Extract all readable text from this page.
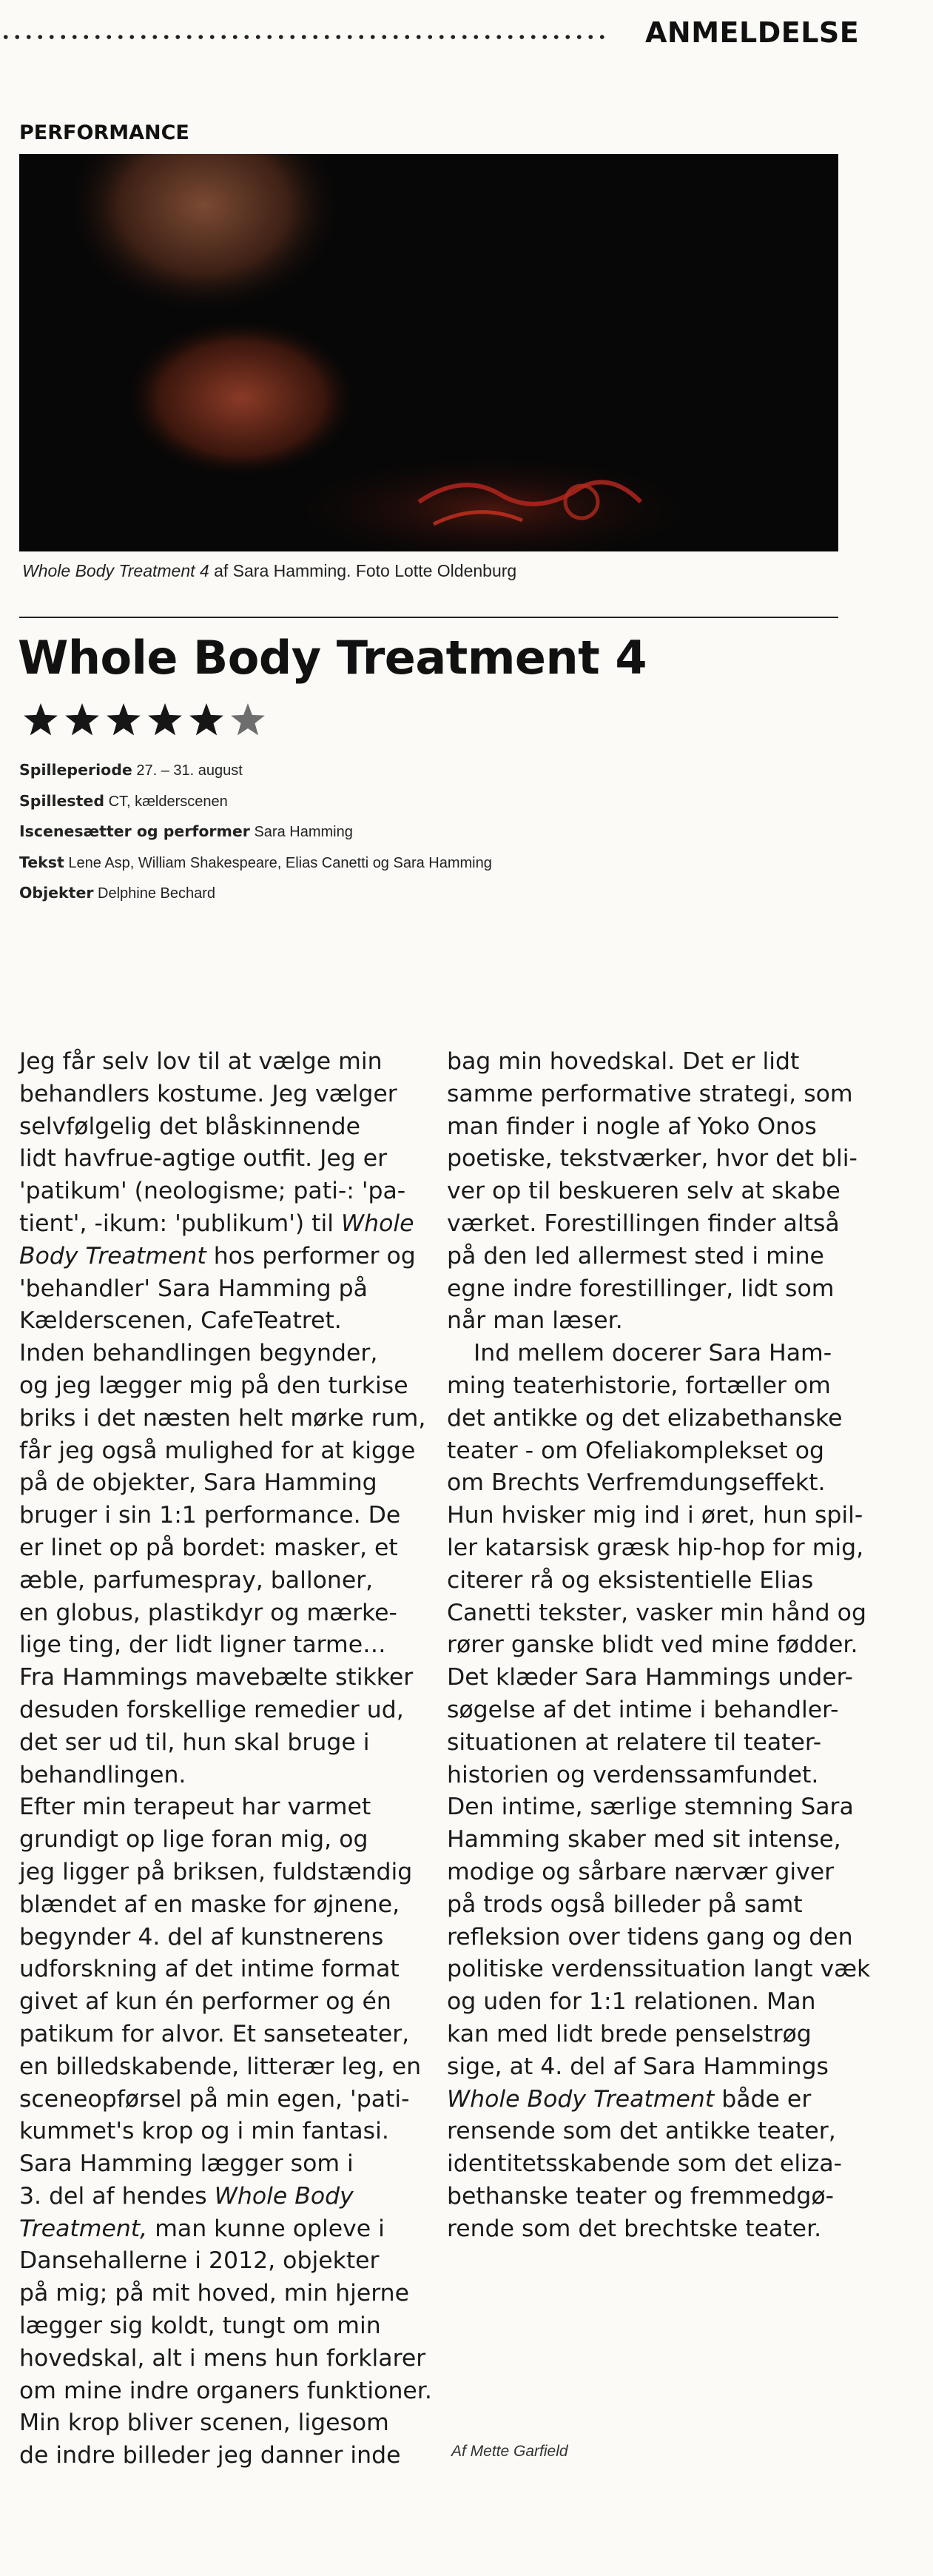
ANMELDELSE
PERFORMANCE
Whole Body Treatment 4 af Sara Hamming. Foto Lotte Oldenburg
Whole Body Treatment 4
Spilleperiode 27. – 31. august
Spillested CT, kælderscenen
Iscenesætter og performer Sara Hamming
Tekst Lene Asp, William Shakespeare, Elias Canetti og Sara Hamming
Objekter Delphine Bechard
Jeg får selv lov til at vælge min
behandlers kostume. Jeg vælger
selvfølgelig det blåskinnende
lidt havfrue-agtige outfit. Jeg er
'patikum' (neologisme; pati-: 'pa-
tient', -ikum: 'publikum') til Whole
Body Treatment hos performer og
'behandler' Sara Hamming på
Kælderscenen, CafeTeatret.
Inden behandlingen begynder,
og jeg lægger mig på den turkise
briks i det næsten helt mørke rum,
får jeg også mulighed for at kigge
på de objekter, Sara Hamming
bruger i sin 1:1 performance. De
er linet op på bordet: masker, et
æble, parfumespray, balloner,
en globus, plastikdyr og mærke-
lige ting, der lidt ligner tarme…
Fra Hammings mavebælte stikker
desuden forskellige remedier ud,
det ser ud til, hun skal bruge i
behandlingen.
Efter min terapeut har varmet
grundigt op lige foran mig, og
jeg ligger på briksen, fuldstændig
blændet af en maske for øjnene,
begynder 4. del af kunstnerens
udforskning af det intime format
givet af kun én performer og én
patikum for alvor. Et sanseteater,
en billedskabende, litterær leg, en
sceneopførsel på min egen, 'pati-
kummet's krop og i min fantasi.
Sara Hamming lægger som i
3. del af hendes Whole Body
Treatment, man kunne opleve i
Dansehallerne i 2012, objekter
på mig; på mit hoved, min hjerne
lægger sig koldt, tungt om min
hovedskal, alt i mens hun forklarer
om mine indre organers funktioner.
Min krop bliver scenen, ligesom
de indre billeder jeg danner inde
bag min hovedskal. Det er lidt
samme performative strategi, som
man finder i nogle af Yoko Onos
poetiske, tekstværker, hvor det bli-
ver op til beskueren selv at skabe
værket. Forestillingen finder altså
på den led allermest sted i mine
egne indre forestillinger, lidt som
når man læser.
Ind mellem docerer Sara Ham-
ming teaterhistorie, fortæller om
det antikke og det elizabethanske
teater - om Ofeliakomplekset og
om Brechts Verfremdungseffekt.
Hun hvisker mig ind i øret, hun spil-
ler katarsisk græsk hip-hop for mig,
citerer rå og eksistentielle Elias
Canetti tekster, vasker min hånd og
rører ganske blidt ved mine fødder.
Det klæder Sara Hammings under-
søgelse af det intime i behandler-
situationen at relatere til teater-
historien og verdenssamfundet.
Den intime, særlige stemning Sara
Hamming skaber med sit intense,
modige og sårbare nærvær giver
på trods også billeder på samt
refleksion over tidens gang og den
politiske verdenssituation langt væk
og uden for 1:1 relationen. Man
kan med lidt brede penselstrøg
sige, at 4. del af Sara Hammings
Whole Body Treatment både er
rensende som det antikke teater,
identitetsskabende som det eliza-
bethanske teater og fremmedgø-
rende som det brechtske teater.
Af Mette Garfield
